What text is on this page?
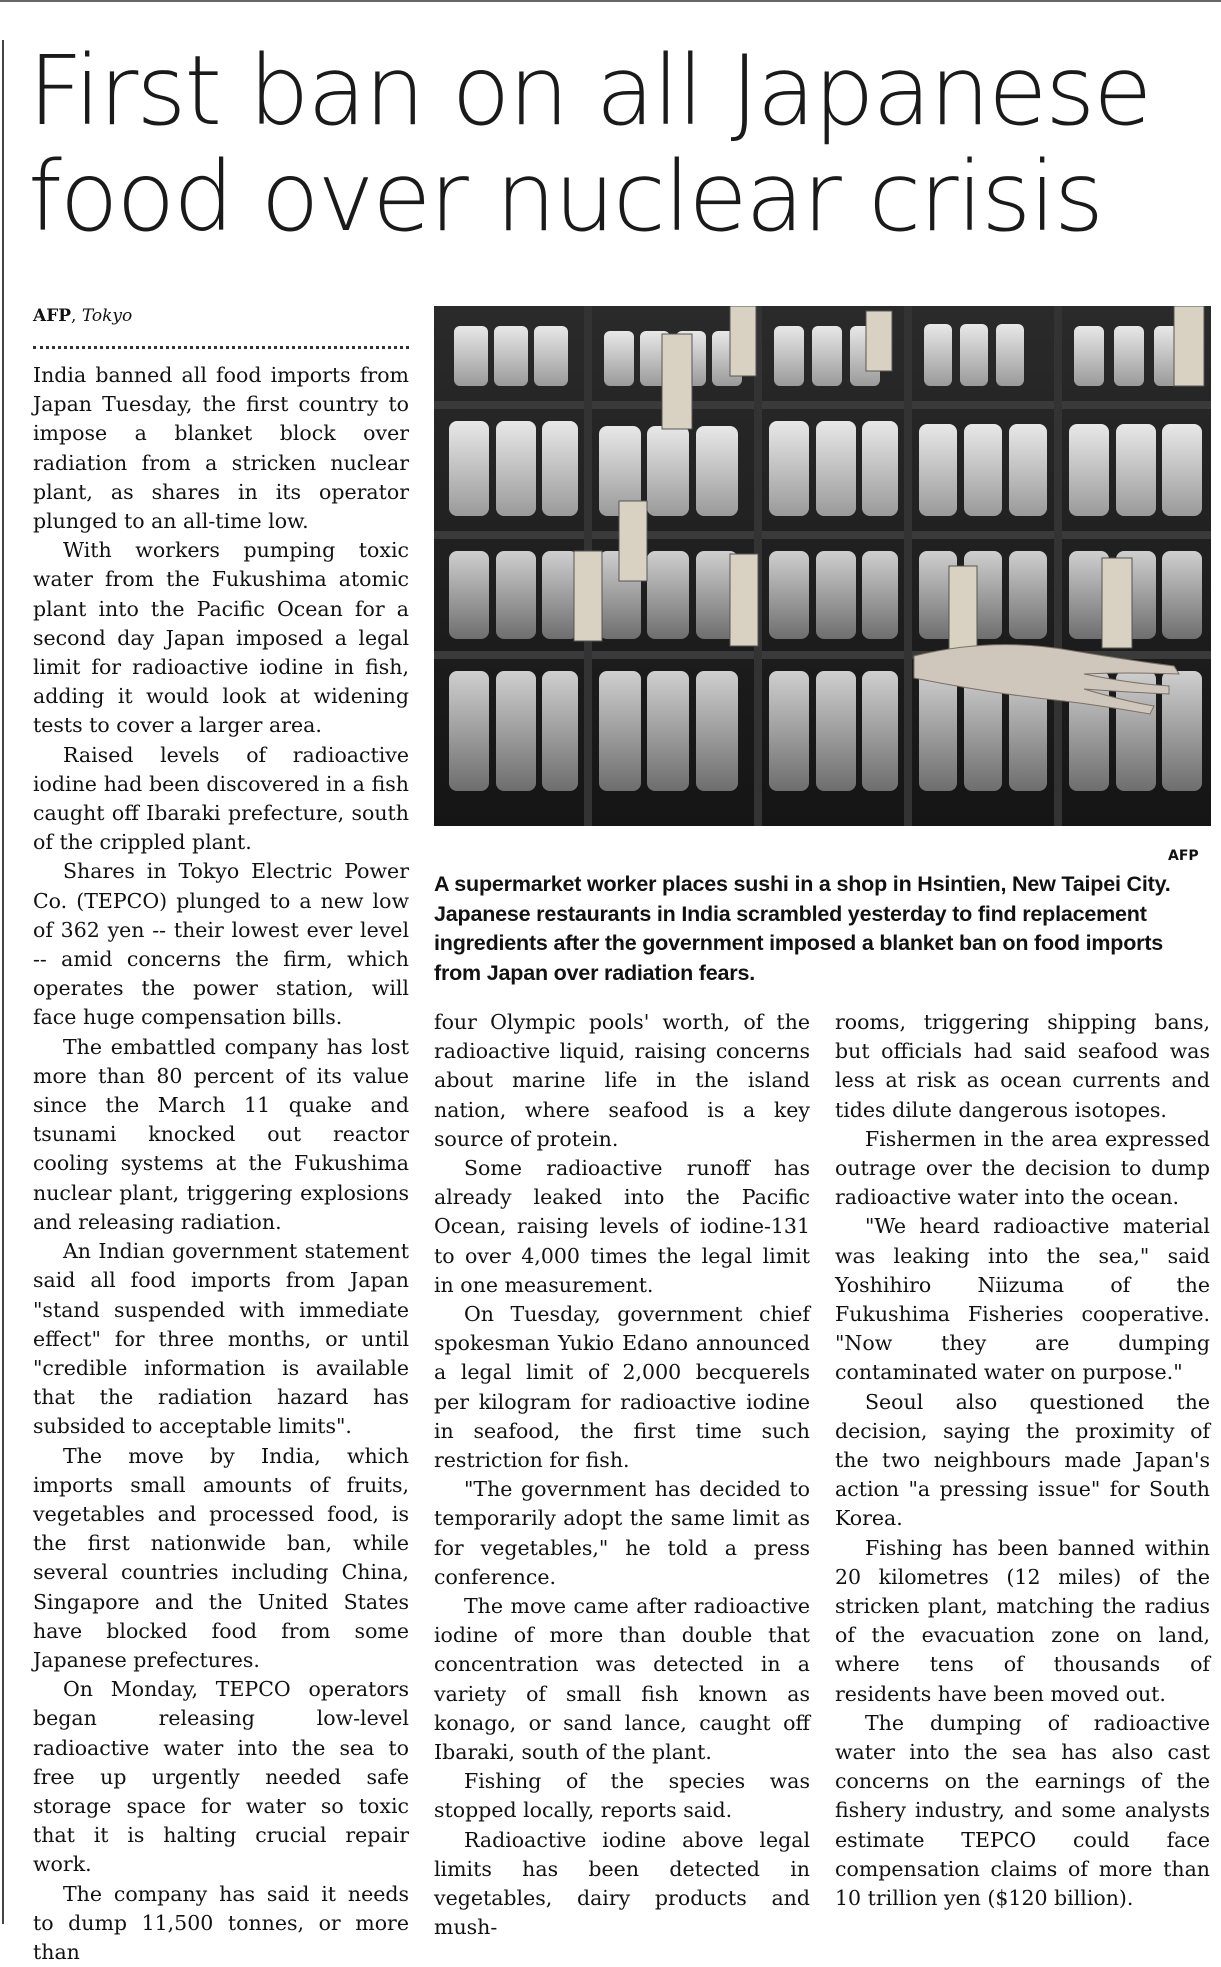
First ban on all Japanese
food over nuclear crisis
AFP, Tokyo

India banned all food imports from Japan Tuesday, the first country to impose a blanket block over radiation from a stricken nuclear plant, as shares in its operator plunged to an all-time low.

With workers pumping toxic water from the Fukushima atomic plant into the Pacific Ocean for a second day Japan imposed a legal limit for radioactive iodine in fish, adding it would look at widening tests to cover a larger area.

Raised levels of radioactive iodine had been discovered in a fish caught off Ibaraki prefecture, south of the crippled plant.

Shares in Tokyo Electric Power Co. (TEPCO) plunged to a new low of 362 yen -- their lowest ever level -- amid concerns the firm, which operates the power station, will face huge compensation bills.

The embattled company has lost more than 80 percent of its value since the March 11 quake and tsunami knocked out reactor cooling systems at the Fukushima nuclear plant, triggering explosions and releasing radiation.

An Indian government statement said all food imports from Japan "stand suspended with immediate effect" for three months, or until "credible information is available that the radiation hazard has subsided to acceptable limits".

The move by India, which imports small amounts of fruits, vegetables and processed food, is the first nationwide ban, while several countries including China, Singapore and the United States have blocked food from some Japanese prefectures.

On Monday, TEPCO operators began releasing low-level radioactive water into the sea to free up urgently needed safe storage space for water so toxic that it is halting crucial repair work.

The company has said it needs to dump 11,500 tonnes, or more than

AFP
A supermarket worker places sushi in a shop in Hsintien, New Taipei City. Japanese restaurants in India scrambled yesterday to find replacement ingredients after the government imposed a blanket ban on food imports from Japan over radiation fears.

four Olympic pools' worth, of the radioactive liquid, raising concerns about marine life in the island nation, where seafood is a key source of protein.

Some radioactive runoff has already leaked into the Pacific Ocean, raising levels of iodine-131 to over 4,000 times the legal limit in one measurement.

On Tuesday, government chief spokesman Yukio Edano announced a legal limit of 2,000 becquerels per kilogram for radioactive iodine in seafood, the first time such restriction for fish.

"The government has decided to temporarily adopt the same limit as for vegetables," he told a press conference.

The move came after radioactive iodine of more than double that concentration was detected in a variety of small fish known as konago, or sand lance, caught off Ibaraki, south of the plant.

Fishing of the species was stopped locally, reports said.

Radioactive iodine above legal limits has been detected in vegetables, dairy products and mush-

rooms, triggering shipping bans, but officials had said seafood was less at risk as ocean currents and tides dilute dangerous isotopes.

Fishermen in the area expressed outrage over the decision to dump radioactive water into the ocean.

"We heard radioactive material was leaking into the sea," said Yoshihiro Niizuma of the Fukushima Fisheries cooperative. "Now they are dumping contaminated water on purpose."

Seoul also questioned the decision, saying the proximity of the two neighbours made Japan's action "a pressing issue" for South Korea.

Fishing has been banned within 20 kilometres (12 miles) of the stricken plant, matching the radius of the evacuation zone on land, where tens of thousands of residents have been moved out.

The dumping of radioactive water into the sea has also cast concerns on the earnings of the fishery industry, and some analysts estimate TEPCO could face compensation claims of more than 10 trillion yen ($120 billion).
